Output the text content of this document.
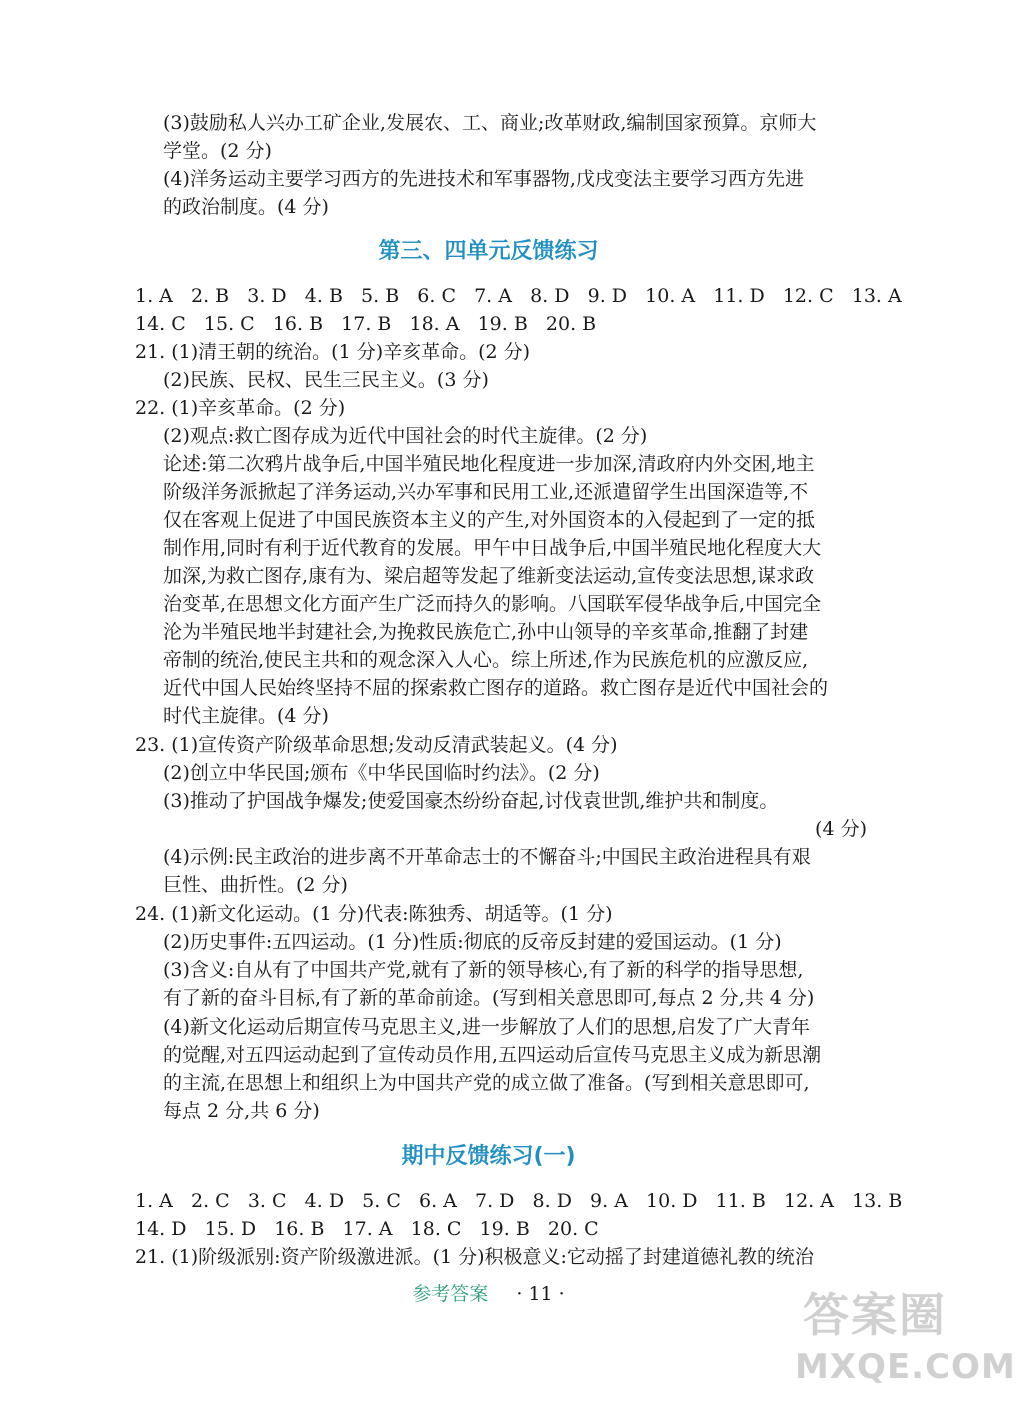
(3)鼓励私人兴办工矿企业,发展农、工、商业;改革财政,编制国家预算。京师大
学堂。(2 分)
(4)洋务运动主要学习西方的先进技术和军事器物,戊戌变法主要学习西方先进
的政治制度。(4 分)
第三、四单元反馈练习
1. A   2. B   3. D   4. B   5. B   6. C   7. A   8. D   9. D   10. A   11. D   12. C   13. A
14. C   15. C   16. B   17. B   18. A   19. B   20. B
21. (1)清王朝的统治。(1 分)辛亥革命。(2 分)
(2)民族、民权、民生三民主义。(3 分)
22. (1)辛亥革命。(2 分)
(2)观点:救亡图存成为近代中国社会的时代主旋律。(2 分)
论述:第二次鸦片战争后,中国半殖民地化程度进一步加深,清政府内外交困,地主
阶级洋务派掀起了洋务运动,兴办军事和民用工业,还派遣留学生出国深造等,不
仅在客观上促进了中国民族资本主义的产生,对外国资本的入侵起到了一定的抵
制作用,同时有利于近代教育的发展。甲午中日战争后,中国半殖民地化程度大大
加深,为救亡图存,康有为、梁启超等发起了维新变法运动,宣传变法思想,谋求政
治变革,在思想文化方面产生广泛而持久的影响。八国联军侵华战争后,中国完全
沦为半殖民地半封建社会,为挽救民族危亡,孙中山领导的辛亥革命,推翻了封建
帝制的统治,使民主共和的观念深入人心。综上所述,作为民族危机的应激反应,
近代中国人民始终坚持不屈的探索救亡图存的道路。救亡图存是近代中国社会的
时代主旋律。(4 分)
23. (1)宣传资产阶级革命思想;发动反清武装起义。(4 分)
(2)创立中华民国;颁布《中华民国临时约法》。(2 分)
(3)推动了护国战争爆发;使爱国豪杰纷纷奋起,讨伐袁世凯,维护共和制度。
(4 分)
(4)示例:民主政治的进步离不开革命志士的不懈奋斗;中国民主政治进程具有艰
巨性、曲折性。(2 分)
24. (1)新文化运动。(1 分)代表:陈独秀、胡适等。(1 分)
(2)历史事件:五四运动。(1 分)性质:彻底的反帝反封建的爱国运动。(1 分)
(3)含义:自从有了中国共产党,就有了新的领导核心,有了新的科学的指导思想,
有了新的奋斗目标,有了新的革命前途。(写到相关意思即可,每点 2 分,共 4 分)
(4)新文化运动后期宣传马克思主义,进一步解放了人们的思想,启发了广大青年
的觉醒,对五四运动起到了宣传动员作用,五四运动后宣传马克思主义成为新思潮
的主流,在思想上和组织上为中国共产党的成立做了准备。(写到相关意思即可,
每点 2 分,共 6 分)
期中反馈练习(一)
1. A   2. C   3. C   4. D   5. C   6. A   7. D   8. D   9. A   10. D   11. B   12. A   13. B
14. D   15. D   16. B   17. A   18. C   19. B   20. C
21. (1)阶级派别:资产阶级激进派。(1 分)积极意义:它动摇了封建道德礼教的统治
参考答案 · 11 ·	答案圈
MXQE.COM
